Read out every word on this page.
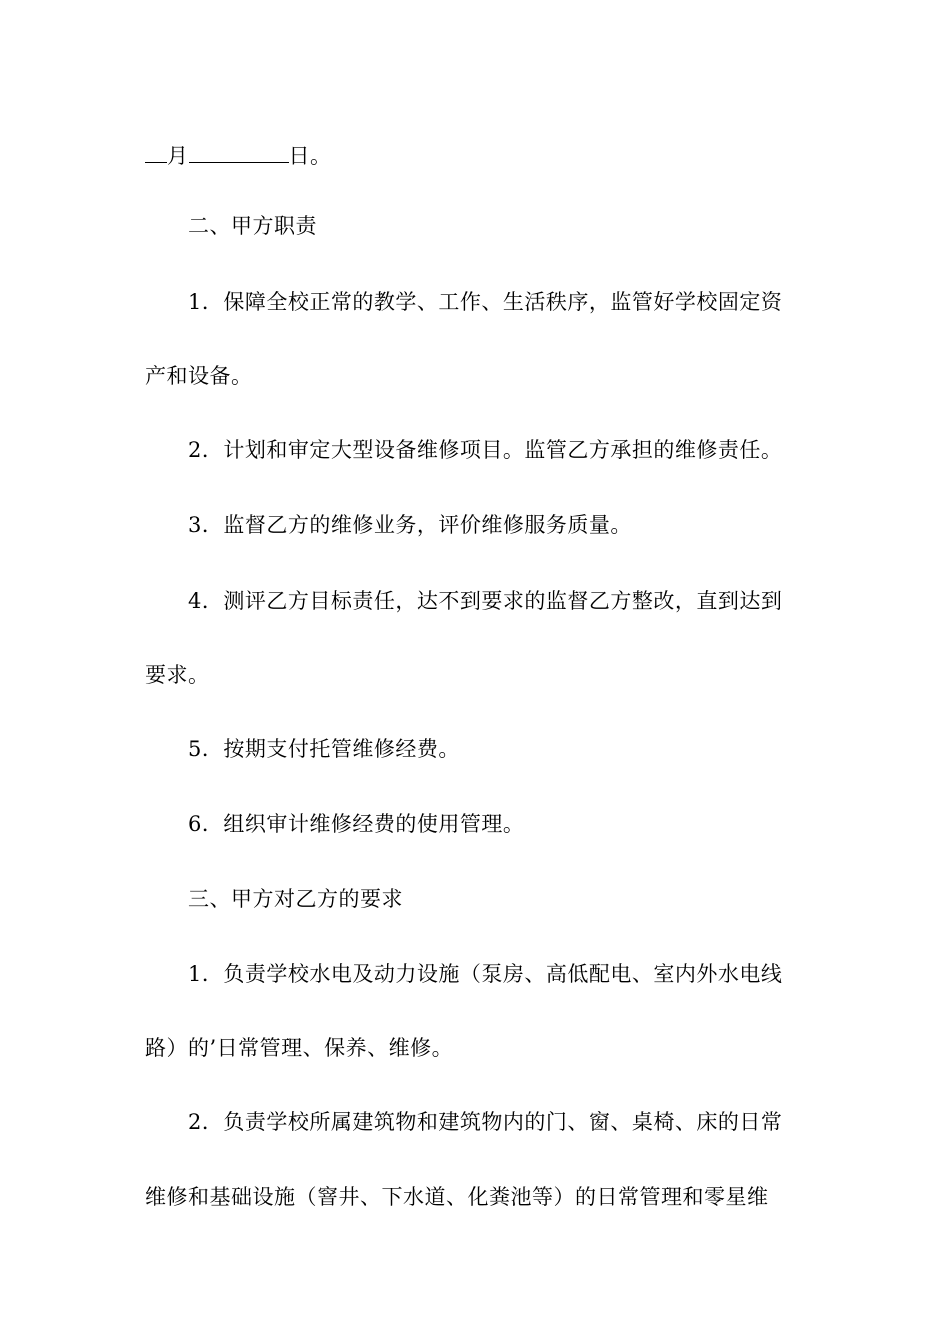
月	日。
二、甲方职责
1．保障全校正常的教学、工作、生活秩序，监管好学校固定资
产和设备。
2．计划和审定大型设备维修项目。监管乙方承担的维修责任。
3．监督乙方的维修业务，评价维修服务质量。
4．测评乙方目标责任，达不到要求的监督乙方整改，直到达到
要求。
5．按期支付托管维修经费。
6．组织审计维修经费的使用管理。
三、甲方对乙方的要求
1．负责学校水电及动力设施（泵房、高低配电、室内外水电线
路）的’日常管理、保养、维修。
2．负责学校所属建筑物和建筑物内的门、窗、桌椅、床的日常
维修和基础设施（窨井、下水道、化粪池等）的日常管理和零星维
